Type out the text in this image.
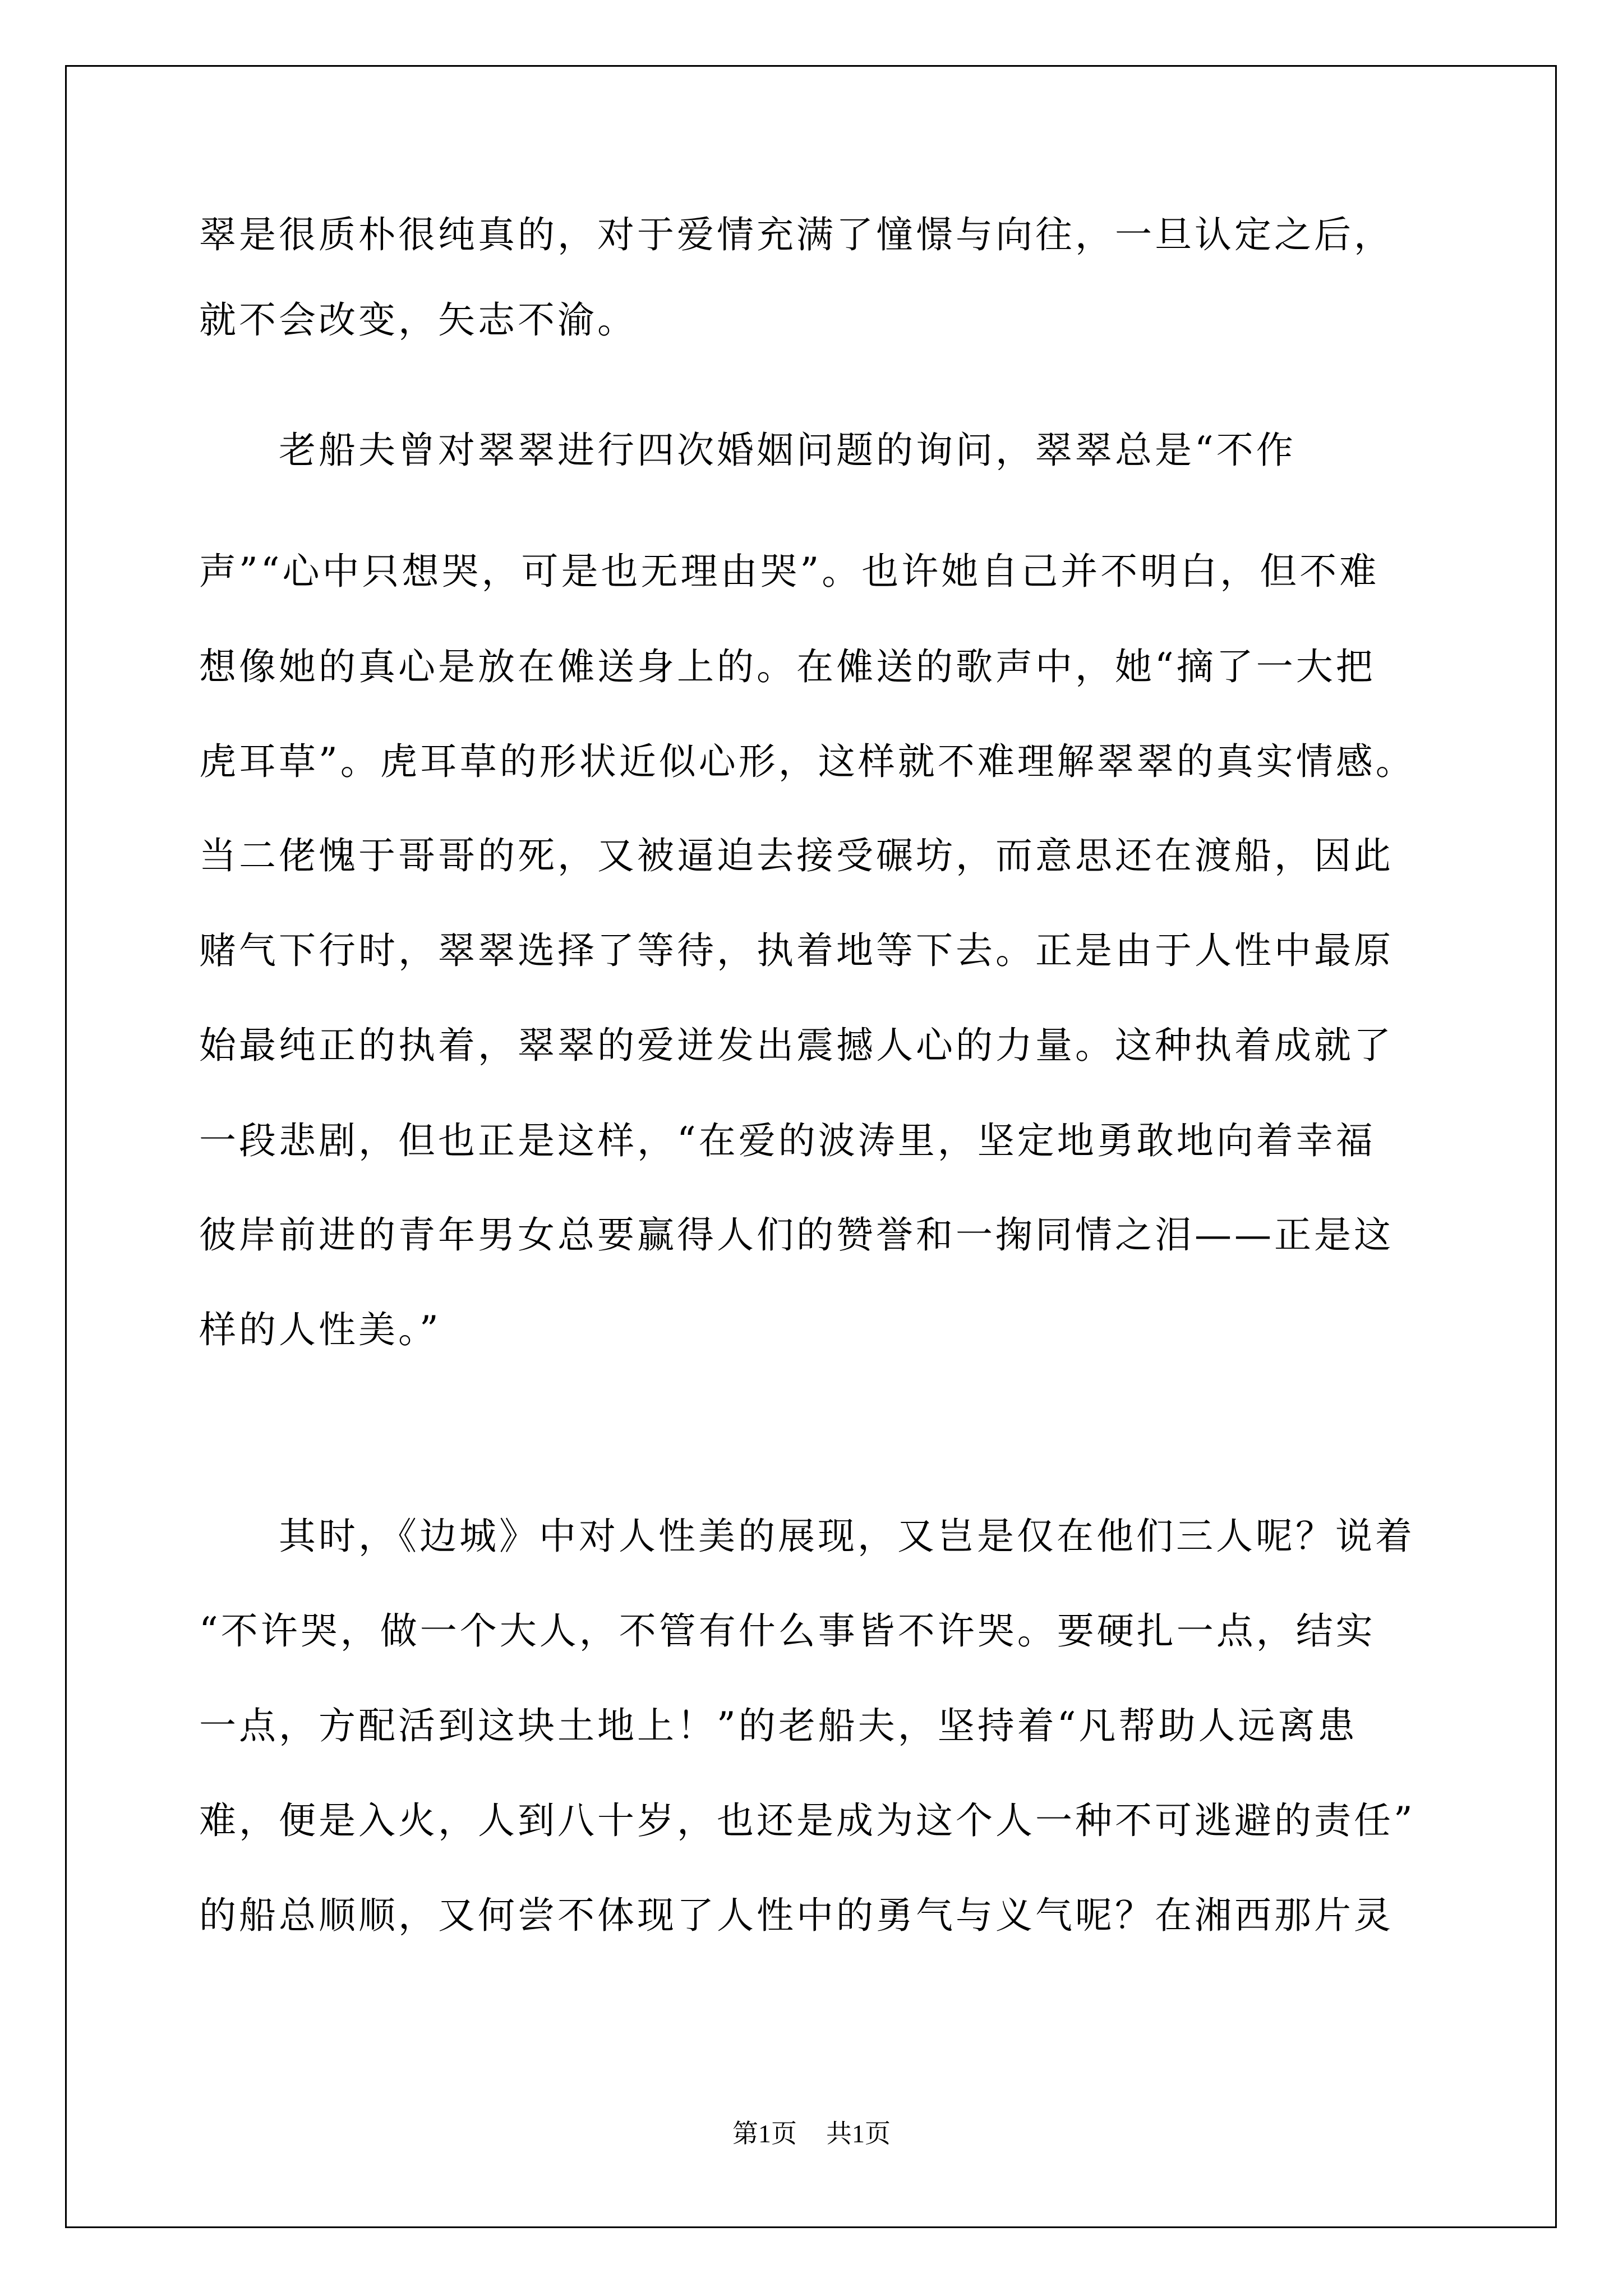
翠是很质朴很纯真的，对于爱情充满了憧憬与向往，一旦认定之后，
就不会改变，矢志不渝。
老船夫曾对翠翠进行四次婚姻问题的询问，翠翠总是“不作
声”“心中只想哭，可是也无理由哭”。也许她自己并不明白，但不难
想像她的真心是放在傩送身上的。在傩送的歌声中，她“摘了一大把
虎耳草”。虎耳草的形状近似心形，这样就不难理解翠翠的真实情感。
当二佬愧于哥哥的死，又被逼迫去接受碾坊，而意思还在渡船，因此
赌气下行时，翠翠选择了等待，执着地等下去。正是由于人性中最原
始最纯正的执着，翠翠的爱迸发出震撼人心的力量。这种执着成就了
一段悲剧，但也正是这样，“在爱的波涛里，坚定地勇敢地向着幸福
彼岸前进的青年男女总要赢得人们的赞誉和一掬同情之泪——正是这
样的人性美。”
其时，《边城》中对人性美的展现，又岂是仅在他们三人呢？说着
“不许哭，做一个大人，不管有什么事皆不许哭。要硬扎一点，结实
一点，方配活到这块土地上！”的老船夫，坚持着“凡帮助人远离患
难，便是入火，人到八十岁，也还是成为这个人一种不可逃避的责任”
的船总顺顺，又何尝不体现了人性中的勇气与义气呢？在湘西那片灵
第1页 共1页
